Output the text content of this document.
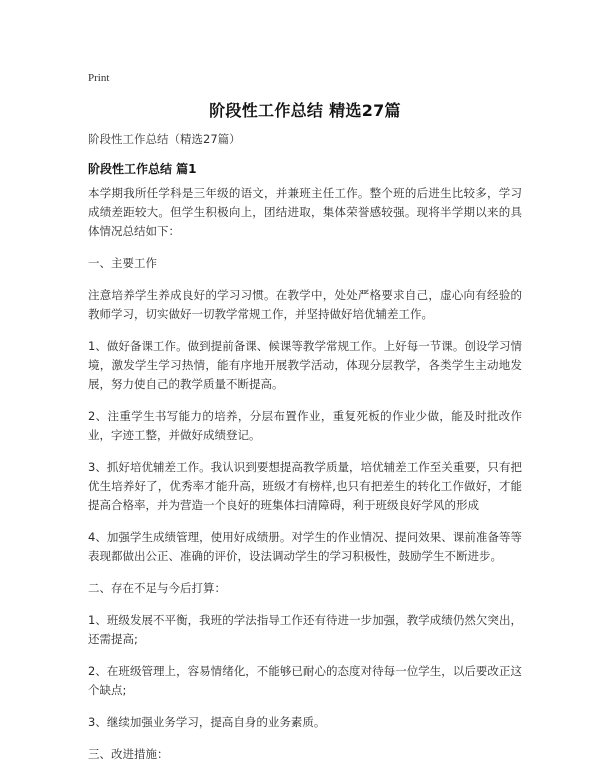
Print
阶段性工作总结 精选27篇
阶段性工作总结（精选27篇）
阶段性工作总结 篇1

本学期我所任学科是三年级的语文，并兼班主任工作。整个班的后进生比较多，学习成绩差距较大。但学生积极向上，团结进取，集体荣誉感较强。现将半学期以来的具体情况总结如下：

一、主要工作

注意培养学生养成良好的学习习惯。在教学中，处处严格要求自己，虚心向有经验的教师学习，切实做好一切教学常规工作，并坚持做好培优辅差工作。

1、做好备课工作。做到提前备课、候课等教学常规工作。上好每一节课。创设学习情境，激发学生学习热情，能有序地开展教学活动，体现分层教学，各类学生主动地发展，努力使自己的教学质量不断提高。

2、注重学生书写能力的培养，分层布置作业，重复死板的作业少做，能及时批改作业，字迹工整，并做好成绩登记。

3、抓好培优辅差工作。我认识到要想提高教学质量，培优辅差工作至关重要，只有把优生培养好了，优秀率才能升高，班级才有榜样,也只有把差生的转化工作做好，才能提高合格率，并为营造一个良好的班集体扫清障碍，利于班级良好学风的形成

4、加强学生成绩管理，使用好成绩册。对学生的作业情况、提问效果、课前准备等等表现都做出公正、准确的评价，设法调动学生的学习积极性，鼓励学生不断进步。

二、存在不足与今后打算：

1、班级发展不平衡，我班的学法指导工作还有待进一步加强，教学成绩仍然欠突出，还需提高;

2、在班级管理上，容易情绪化，不能够已耐心的态度对待每一位学生，以后要改正这个缺点;

3、继续加强业务学习，提高自身的业务素质。

三、改进措施：
